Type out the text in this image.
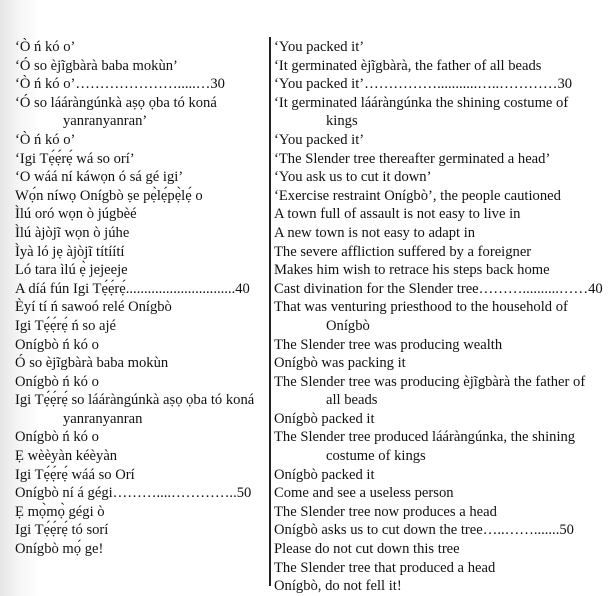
‘Ò ń kó o’
‘Ó so èjĩgbàrà baba mokùn’
‘Ò ń kó o’………………….....…30
‘Ó so lááràngúnkà aṣọ ọba tó koná
yanranyanran’
‘Ò ń kó o’
‘Igi Tẹ́ẹ́rẹ́ wá so orí’
‘O wáá ní káwọn ó sá gé igi’
Wọ́n níwọ Onígbò ṣe pẹ̀lẹ́pẹ̀lẹ́ o
Ìlú oró wọn ò júgbèé
Ìlú àjòjĩ wọn ò júhe
Ìyà ló jẹ àjòjĩ títíítí
Ló tara ìlú ẹ̀ jejeeje
A díá fún Igi Tẹ́ẹ́rẹ́..............................40
Èyí tí ń sawoó relé Onígbò
Igi Tẹ́ẹ́rẹ́ ń so ajé
Onígbò ń kó o
Ó so èjĩgbàrà baba mokùn
Onígbò ń kó o
Igi Tẹ́ẹ́rẹ́ so lááràngúnkà aṣọ ọba tó koná
yanranyanran
Onígbò ń kó o
Ẹ wèèyàn kéèyàn
Igi Tẹ́ẹ́rẹ́ wáá so Orí
Onígbò ní á gégi………....…………..50
Ẹ mọ̀mọ̀ gégi ò
Igi Tẹ́ẹ́rẹ́ tó sorí
Onígbò mọ́ ge!
‘You packed it’
‘It germinated èjĩgbàrà, the father of all beads
‘You packed it’……………...........…..…………30
‘It germinated lááràngúnka the shining costume of
kings
‘You packed it’
‘The Slender tree thereafter germinated a head’
‘You ask us to cut it down’
‘Exercise restraint Onígbò’, the people cautioned
A town full of assault is not easy to live in
A new town is not easy to adapt in
The severe affliction suffered by a foreigner
Makes him wish to retrace his steps back home
Cast divination for the Slender tree………..........……40
That was venturing priesthood to the household of
Onígbò
The Slender tree was producing wealth
Onígbò was packing it
The Slender tree was producing èjĩgbàrà the father of
all beads
Onígbò packed it
The Slender tree produced lááràngúnka, the shining
costume of kings
Onígbò packed it
Come and see a useless person
The Slender tree now produces a head
Onígbò asks us to cut down the tree…..…….......50
Please do not cut down this tree
The Slender tree that produced a head
Onígbò, do not fell it!
